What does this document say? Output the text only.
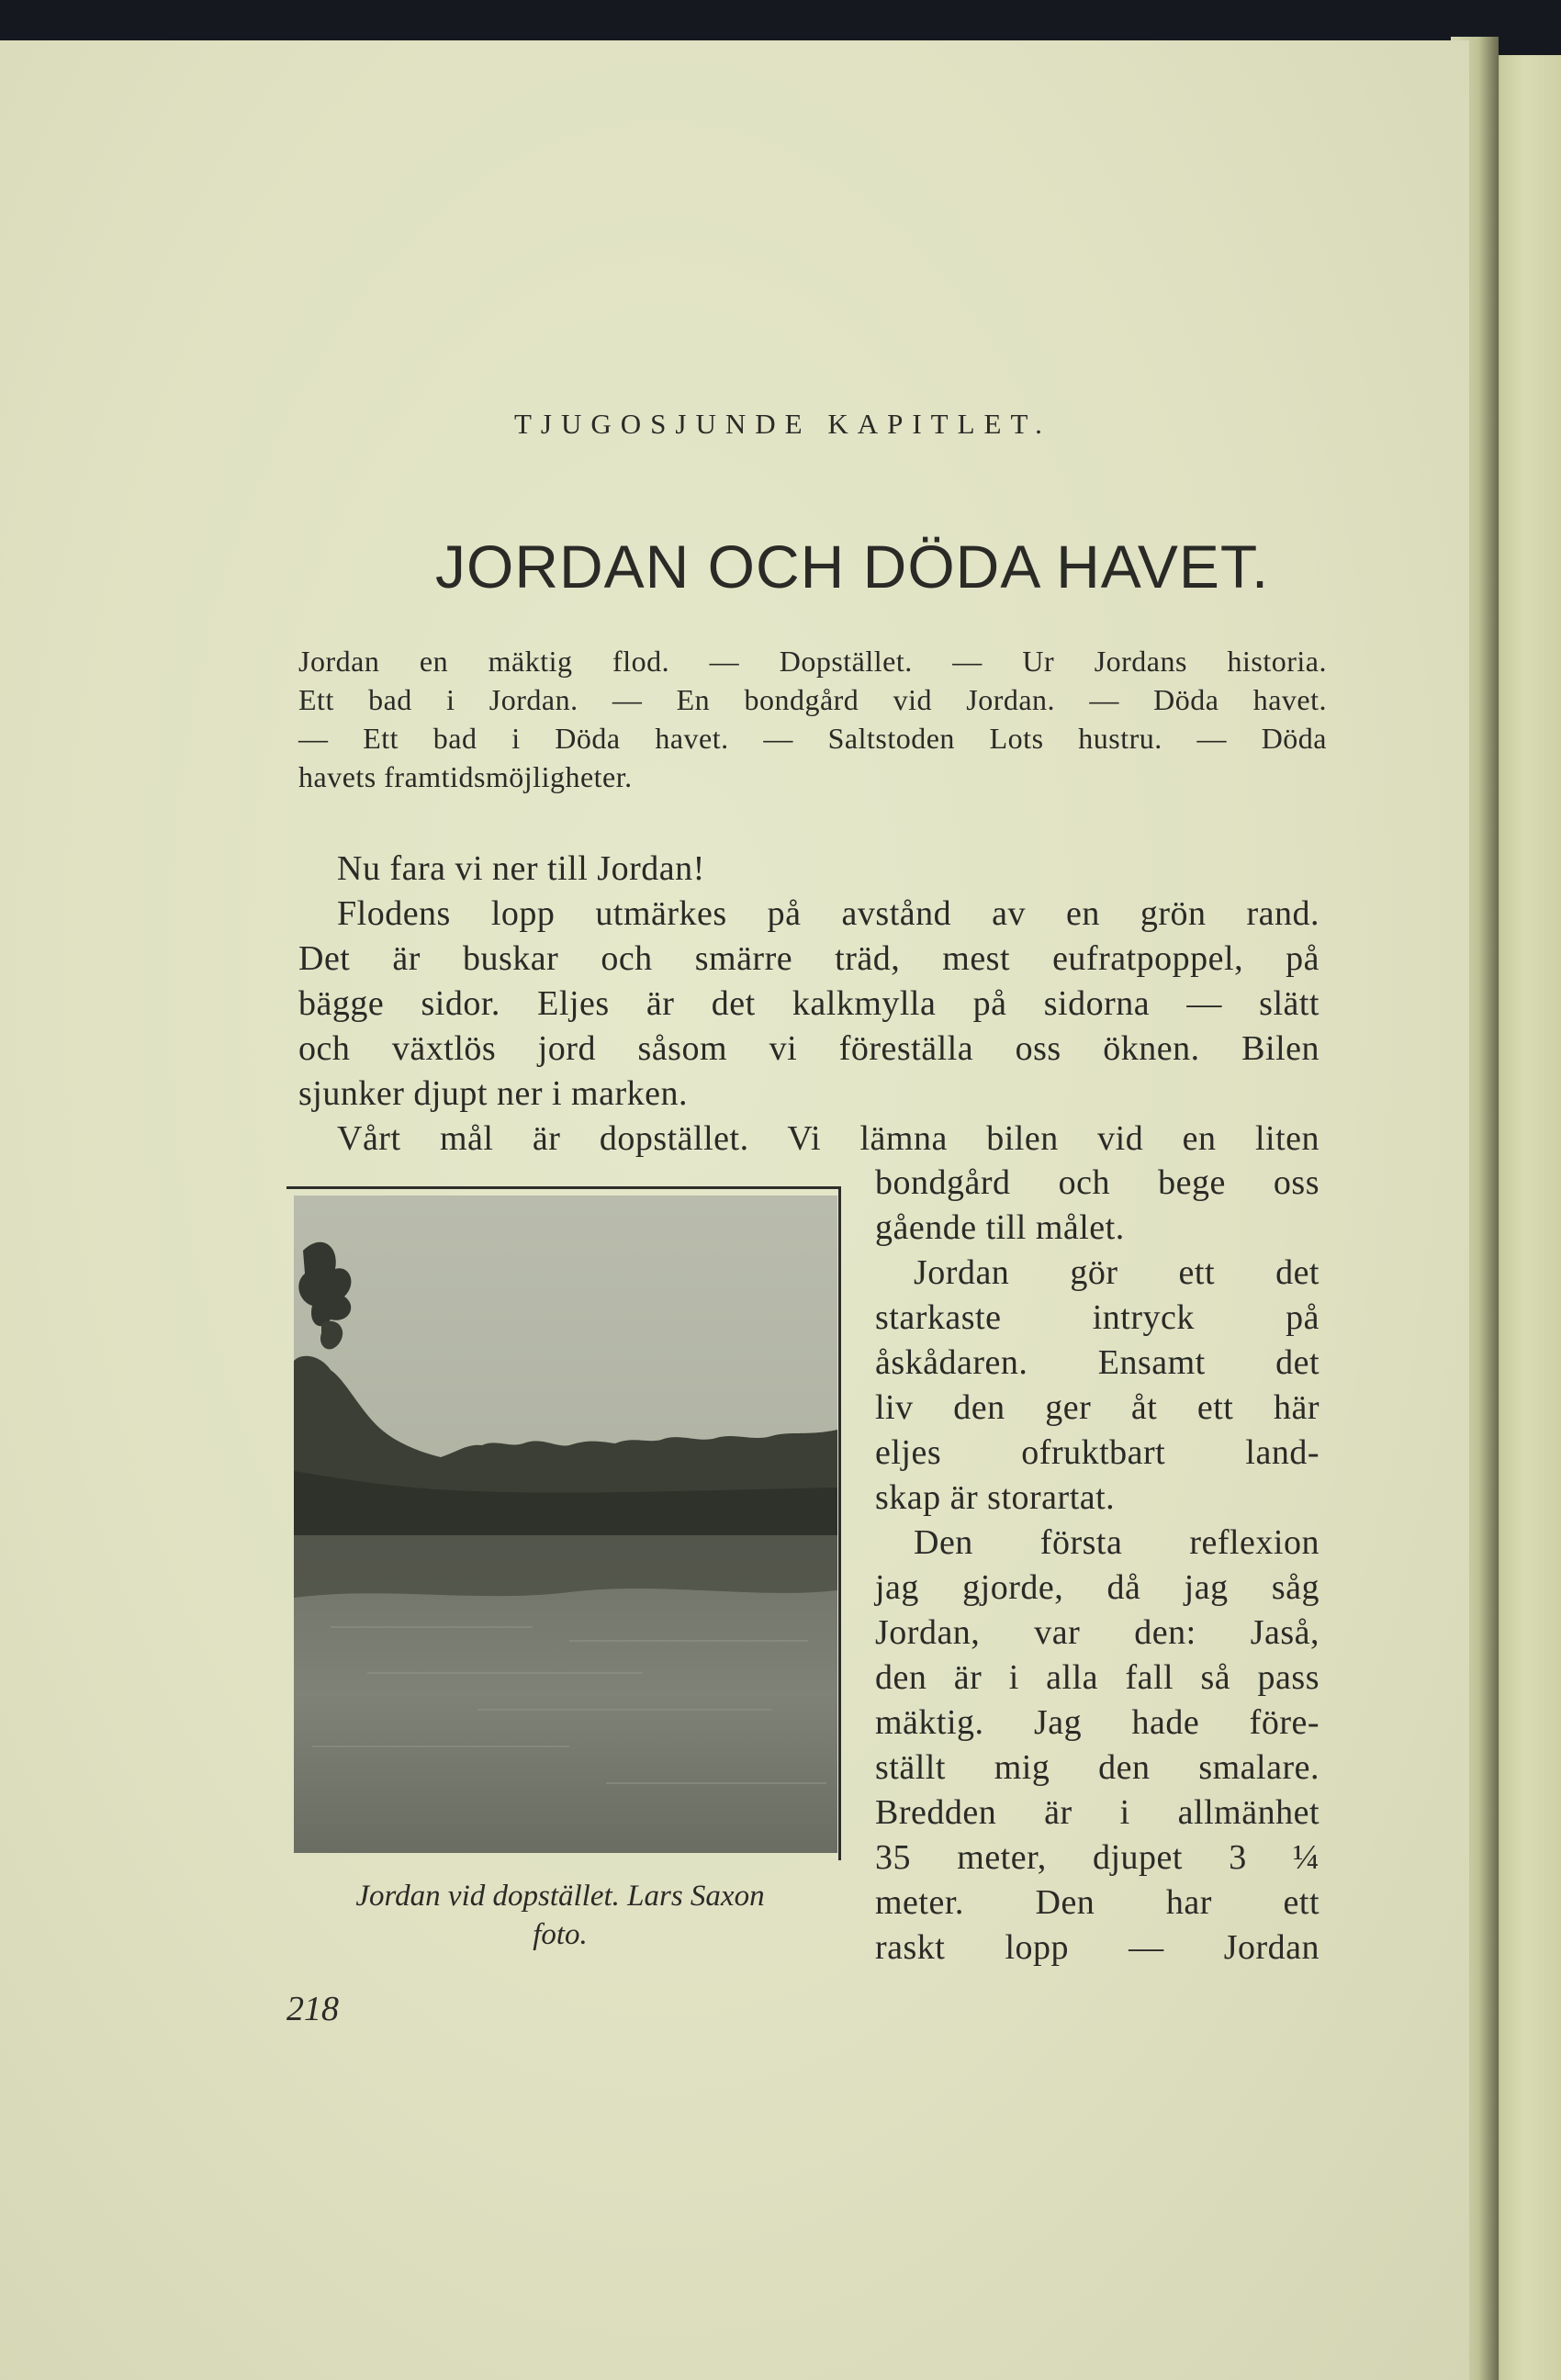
TJUGOSJUNDE KAPITLET.
JORDAN OCH DÖDA HAVET.
Jordan en mäktig flod. — Dopstället. — Ur Jordans historia.
Ett bad i Jordan. — En bondgård vid Jordan. — Döda havet.
— Ett bad i Döda havet. — Saltstoden Lots hustru. — Döda
havets framtidsmöjligheter.
Nu fara vi ner till Jordan!
Flodens lopp utmärkes på avstånd av en grön rand.
Det är buskar och smärre träd, mest eufratpoppel, på
bägge sidor. Eljes är det kalkmylla på sidorna — slätt
och växtlös jord såsom vi föreställa oss öknen. Bilen
sjunker djupt ner i marken.
Vårt mål är dopstället. Vi lämna bilen vid en liten
bondgård och bege oss
gående till målet.
Jordan gör ett det
starkaste intryck på
åskådaren. Ensamt det
liv den ger åt ett här
eljes ofruktbart land-
skap är storartat.
Den första reflexion
jag gjorde, då jag såg
Jordan, var den: Jaså,
den är i alla fall så pass
mäktig. Jag hade före-
ställt mig den smalare.
Bredden är i allmänhet
35 meter, djupet 3 ¼
meter. Den har ett
raskt lopp — Jordan
Jordan vid dopstället. Lars Saxon
foto.
218
